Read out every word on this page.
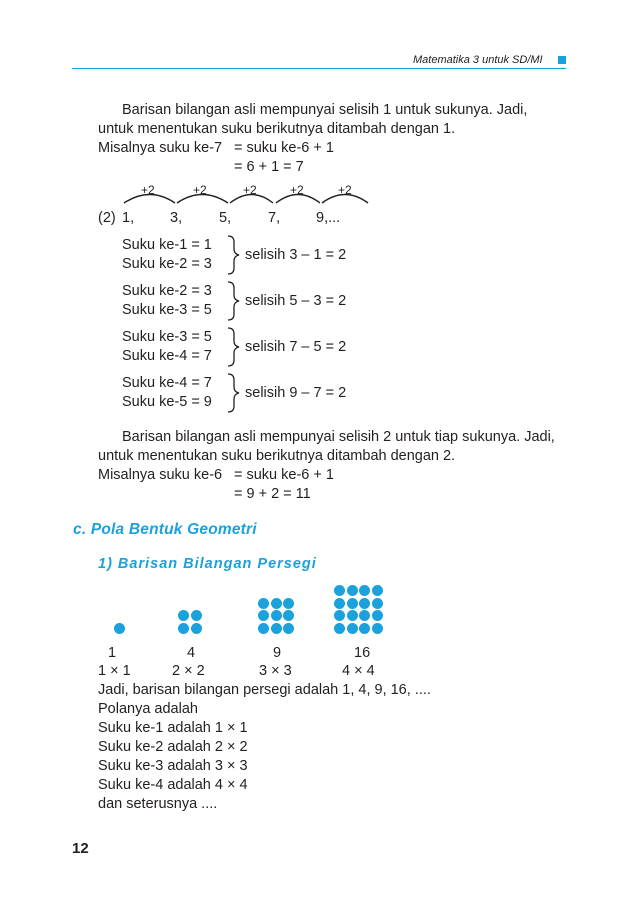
Matematika 3 untuk SD/MI
Barisan bilangan asli mempunyai selisih 1 untuk sukunya. Jadi,
untuk menentukan suku berikutnya ditambah dengan 1.
Misalnya suku ke-7 = suku ke-6 + 1
= 6 + 1 = 7
+2	+2	+2	+2	+2
(2) 1, 3,	5,	7, 9,...
Suku ke-1 = 1
Suku ke-2 = 3
selisih 3 – 1 = 2
Suku ke-2 = 3
Suku ke-3 = 5
selisih 5 – 3 = 2
Suku ke-3 = 5
Suku ke-4 = 7
selisih 7 – 5 = 2
Suku ke-4 = 7
Suku ke-5 = 9
selisih 9 – 7 = 2
Barisan bilangan asli mempunyai selisih 2 untuk tiap sukunya. Jadi,
untuk menentukan suku berikutnya ditambah dengan 2.
Misalnya suku ke-6 = suku ke-6 + 1
= 9 + 2 = 11
c. Pola Bentuk Geometri
1) Barisan Bilangan Persegi
1	4	9	16
1 × 1	2 × 2	3 × 3	4 × 4
Jadi, barisan bilangan persegi adalah 1, 4, 9, 16, ....
Polanya adalah
Suku ke-1 adalah 1 × 1
Suku ke-2 adalah 2 × 2
Suku ke-3 adalah 3 × 3
Suku ke-4 adalah 4 × 4
dan seterusnya ....
12
